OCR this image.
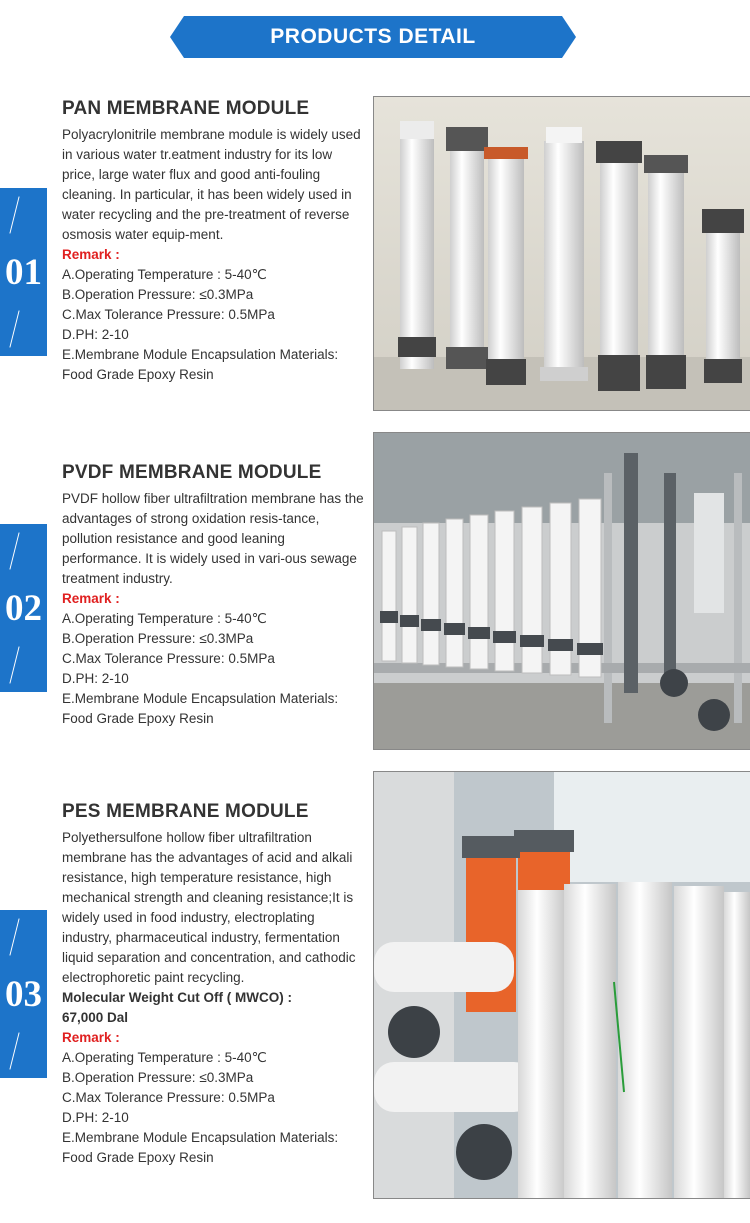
PRODUCTS DETAIL
01
02
03
PAN MEMBRANE MODULE

Polyacrylonitrile membrane module is widely used in various water tr.eatment industry for its low price, large water flux and good anti-fouling cleaning. In particular, it has been widely used in water recycling and the pre-treatment of reverse osmosis water equip-ment.

Remark :

A.Operating Temperature : 5-40℃

B.Operation Pressure: ≤0.3MPa

C.Max Tolerance Pressure: 0.5MPa

D.PH: 2-10

E.Membrane Module Encapsulation Materials:

Food Grade Epoxy Resin

PVDF MEMBRANE MODULE

PVDF hollow fiber ultrafiltration membrane has the advantages of strong oxidation resis-tance, pollution resistance and good leaning performance. It is widely used in vari-ous sewage treatment industry.

Remark :

A.Operating Temperature : 5-40℃

B.Operation Pressure: ≤0.3MPa

C.Max Tolerance Pressure: 0.5MPa

D.PH: 2-10

E.Membrane Module Encapsulation Materials:

Food Grade Epoxy Resin

PES MEMBRANE MODULE

Polyethersulfone hollow fiber ultrafiltration membrane has the advantages of acid and alkali resistance, high temperature resistance, high mechanical strength and cleaning resistance;It is widely used in food industry, electroplating industry, pharmaceutical industry, fermentation liquid separation and concentration, and cathodic electrophoretic paint recycling.

Molecular Weight Cut Off ( MWCO) :

67,000 Dal

Remark :

A.Operating Temperature : 5-40℃

B.Operation Pressure: ≤0.3MPa

C.Max Tolerance Pressure: 0.5MPa

D.PH: 2-10

E.Membrane Module Encapsulation Materials:

Food Grade Epoxy Resin
